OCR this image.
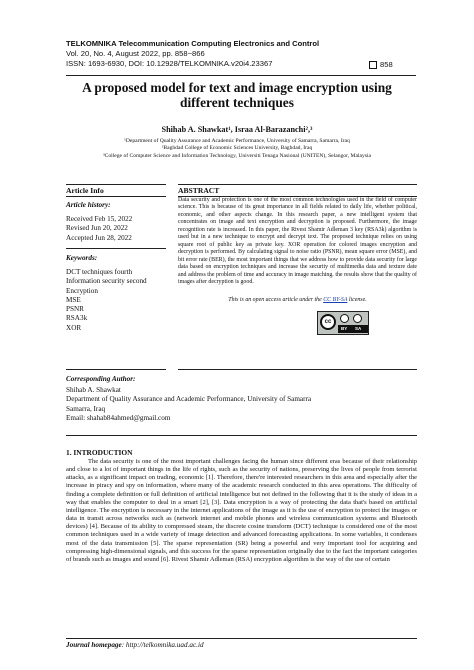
TELKOMNIKA Telecommunication Computing Electronics and Control
Vol. 20, No. 4, August 2022, pp. 858~866
ISSN: 1693-6930, DOI: 10.12928/TELKOMNIKA.v20i4.23367	858
A proposed model for text and image encryption using different techniques
Shihab A. Shawkat¹, Israa Al-Barazanchi²,³
¹Department of Quality Assurance and Academic Performance, University of Samarra, Samarra, Iraq
²Baghdad College of Economic Sciences University, Baghdad, Iraq
³College of Computer Science and Information Technology, Universiti Tenaga Nasional (UNITEN), Selangor, Malaysia
Article Info	ABSTRACT
Article history:
Received Feb 15, 2022
Revised Jun 20, 2022
Accepted Jun 28, 2022
Keywords:
DCT techniques fourth
Information security second
Encryption
MSE
PSNR
RSA3k
XOR
Data security and protection is one of the most common technologies used in the field of computer science. This is because of its great importance in all fields related to daily life, whether political, economic, and other aspects change. In this research paper, a new intelligent system that concentrates on image and text encryption and decryption is proposed. Furthermore, the image recognition rate is increased. In this paper, the Rivest Shamir Adleman 3 key (RSA3k) algorithm is used but in a new technique to encrypt and decrypt text. The proposed technique relies on using square root of public key as private key. XOR operation for colored images encryption and decryption is performed. By calculating signal to noise ratio (PSNR), mean square error (MSE), and bit error rate (BER), the most important things that we address how to provide data security for large data based on encryption techniques and increase the security of multimedia data and texture date and address the problem of time and accuracy in image matching. the results show that the quality of images after decryption is good.
This is an open access article under the CC BY-SA license.
cc
BY SA
Corresponding Author:
Shihab A. Shawkat
Department of Quality Assurance and Academic Performance, University of Samarra
Samarra, Iraq
Email: shahab84ahmed@gmail.com
1. INTRODUCTION
The data security is one of the most important challenges facing the human since different eras because of their relationship and close to a lot of important things in the life of rights, such as the security of nations, preserving the lives of people from terrorist attacks, as a significant impact on trading, economic [1]. Therefore, there're interested researchers in this area and especially after the increase in piracy and spy on information, where many of the academic research conducted in this area operations. The difficulty of finding a complete definition or full definition of artificial intelligence but not defined in the following that it is the study of ideas in a way that enables the computer to deal in a smart [2], [3]. Data encryption is a way of protecting the data that's based on artificial intelligence. The encryption is necessary in the internet applications of the image as it is the use of encryption to protect the images or data in transit across networks such as (network internet and mobile phones and wireless communication systems and Bluetooth devices) [4]. Because of its ability to compressed steam, the discrete cosine transform (DCT) technique is considered one of the most common techniques used in a wide variety of image detection and advanced forecasting applications. In some variables, it condenses most of the data transmission [5]. The sparse representation (SR) being a powerful and very important tool for acquiring and compressing high-dimensional signals, and this success for the sparse representation originally due to the fact the important categories of brands such as images and sound [6]. Rivest Shamir Adleman (RSA) encryption algorithm is the way of the use of certain
Journal homepage: http://telkomnika.uad.ac.id
